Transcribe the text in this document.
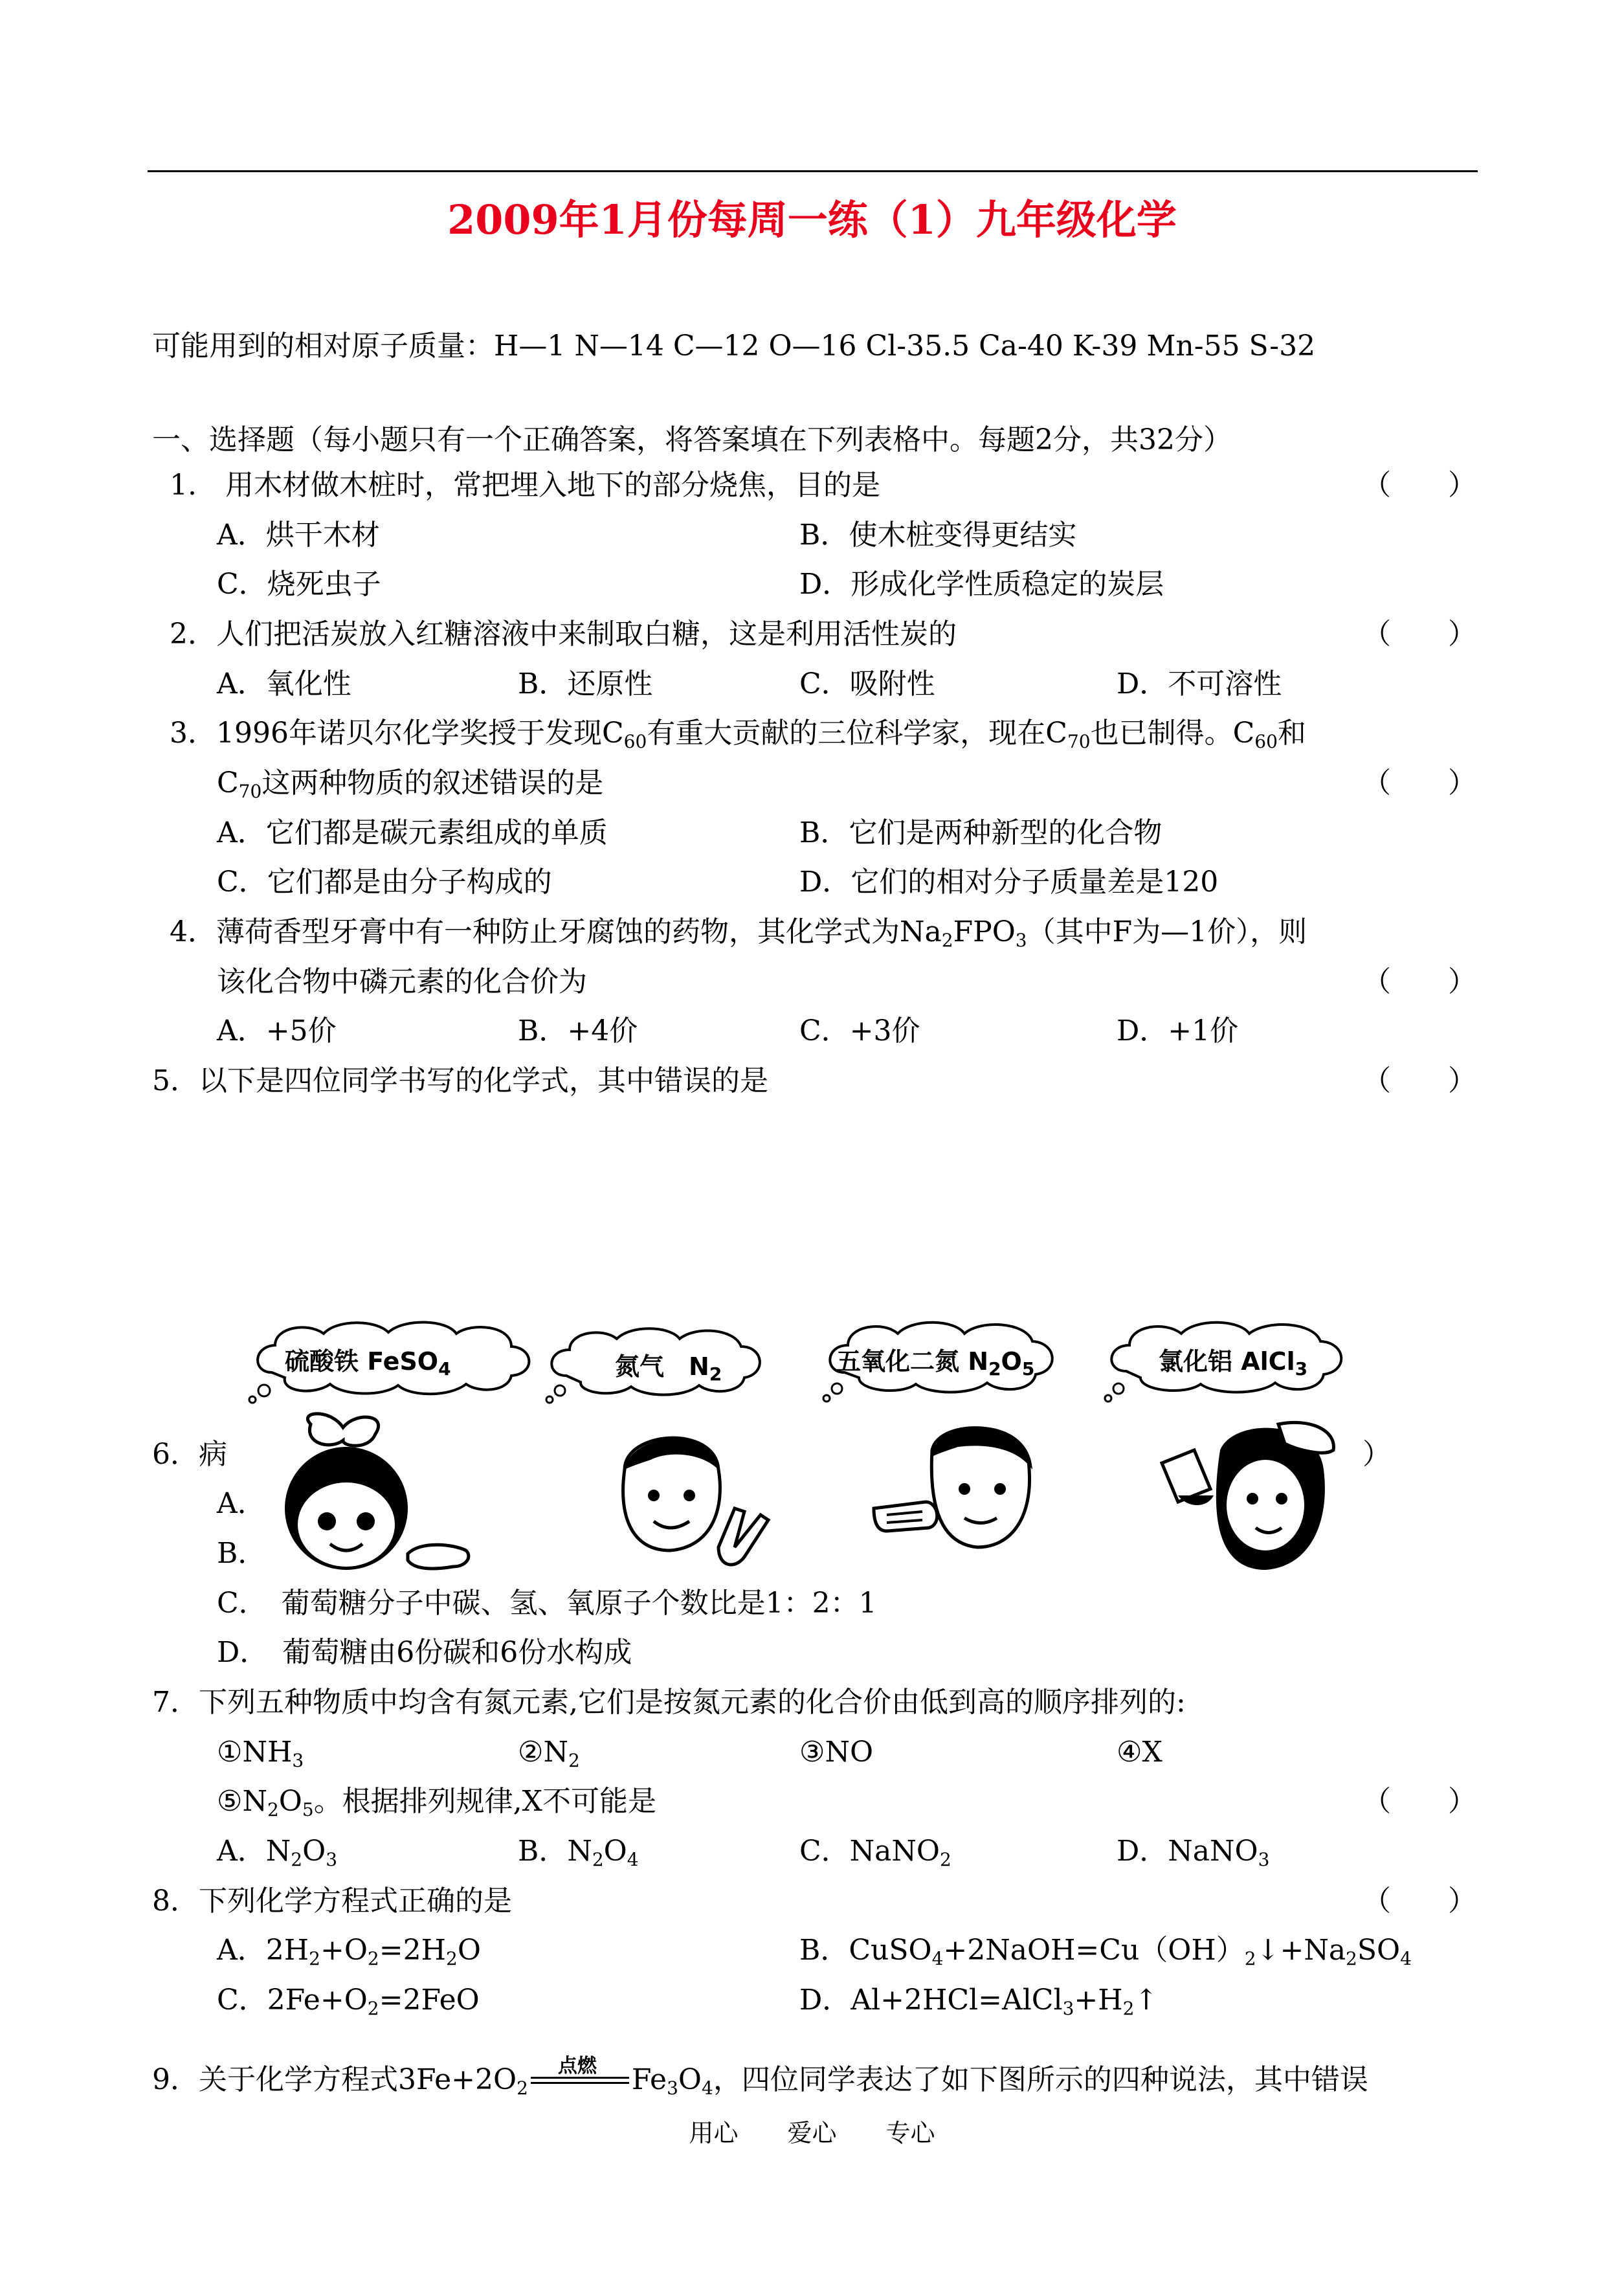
2009年1月份每周一练（1）九年级化学
可能用到的相对原子质量：H—1 N—14 C—12 O—16 Cl-35.5 Ca-40 K-39 Mn-55 S-32
一、选择题（每小题只有一个正确答案，将答案填在下列表格中。每题2分，共32分）
1.　用木材做木桩时，常把埋入地下的部分烧焦，目的是	（　　）
A．烘干木材	B．使木桩变得更结实
C．烧死虫子	D．形成化学性质稳定的炭层
2．人们把活炭放入红糖溶液中来制取白糖，这是利用活性炭的	（　　）
A．氧化性	B．还原性	C．吸附性	D．不可溶性
3．1996年诺贝尔化学奖授于发现$C_{60}$有重大贡献的三位科学家，现在$C_{70}$也已制得。$C_{60}$和
$C_{70}$这两种物质的叙述错误的是	（　　）
A．它们都是碳元素组成的单质	B．它们是两种新型的化合物
C．它们都是由分子构成的	D．它们的相对分子质量差是120
4．薄荷香型牙膏中有一种防止牙腐蚀的药物，其化学式为$Na_2FPO_3$（其中F为—1价），则
该化合物中磷元素的化合价为	（　　）
A．+5价	B．+4价	C．+3价	D．+1价
5．以下是四位同学书写的化学式，其中错误的是	（　　）
6．病	）
A．
B．
硫酸铁 FeSO$_4$	氮气　 $N_2$	五氧化二氮 $N_2O_5$	氯化铝 AlCl$_3$
C．　葡萄糖分子中碳、氢、氧原子个数比是1：2：1
D．　葡萄糖由6份碳和6份水构成
7．下列五种物质中均含有氮元素,它们是按氮元素的化合价由低到高的顺序排列的:
$①NH_3$	$②N_2$	③NO	④X
$⑤N_2O_5$。根据排列规律,X不可能是	（　　）
A．$N_2O_3$	B．$N_2O_4$	C．NaNO$_2$	D．NaNO$_3$
8．下列化学方程式正确的是	（　　）
A．$2H_2+O_2=2H_2O$	B．$CuSO_4+2NaOH=Cu(OH)_2↓+Na_2SO_4$
C．$2Fe+O_2=2FeO$	D．$Al+2HCl=AlCl_3+H_2↑$
9．关于化学方程式$3Fe+2O_2$
点燃 $Fe_3O_4$，四位同学表达了如下图所示的四种说法，其中错误
用心　　爱心　　专心
